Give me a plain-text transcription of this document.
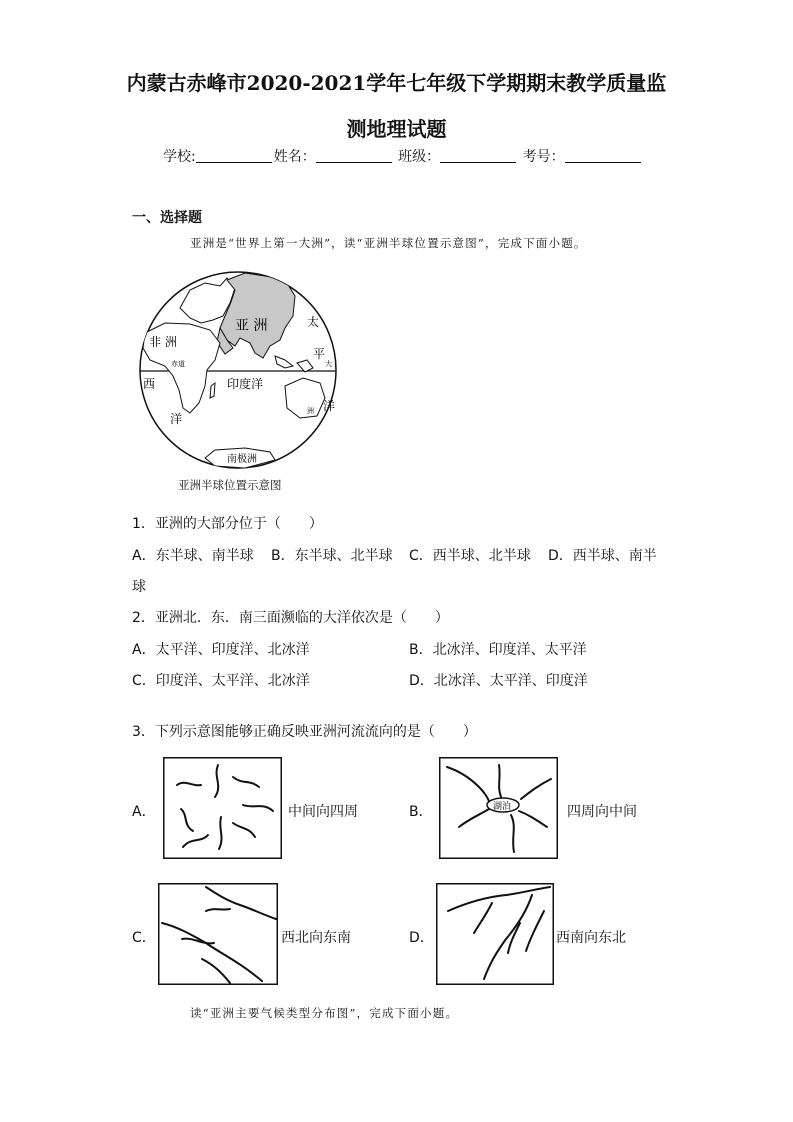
内蒙古赤峰市2020-2021学年七年级下学期期末教学质量监
测地理试题
学校:	姓名：	班级：	考号：
一、选择题
亚洲是“世界上第一大洲”，读“亚洲半球位置示意图”，完成下面小题。
亚 洲
非 洲
赤道
西
洋
印度洋
太
平
洋
大
洲
南极洲
亚洲半球位置示意图
1．亚洲的大部分位于（　　）
A．东半球、南半球 B．东半球、北半球 C．西半球、北半球 D．西半球、南半
球
2．亚洲北．东．南三面濒临的大洋依次是（　　）
A．太平洋、印度洋、北冰洋	B．北冰洋、印度洋、太平洋
C．印度洋、太平洋、北冰洋	D．北冰洋、太平洋、印度洋
3．下列示意图能够正确反映亚洲河流流向的是（　　）
A．	中间向四周	B．	湖泊	四周向中间
C．	西北向东南	D．	西南向东北
读“亚洲主要气候类型分布图”，完成下面小题。
